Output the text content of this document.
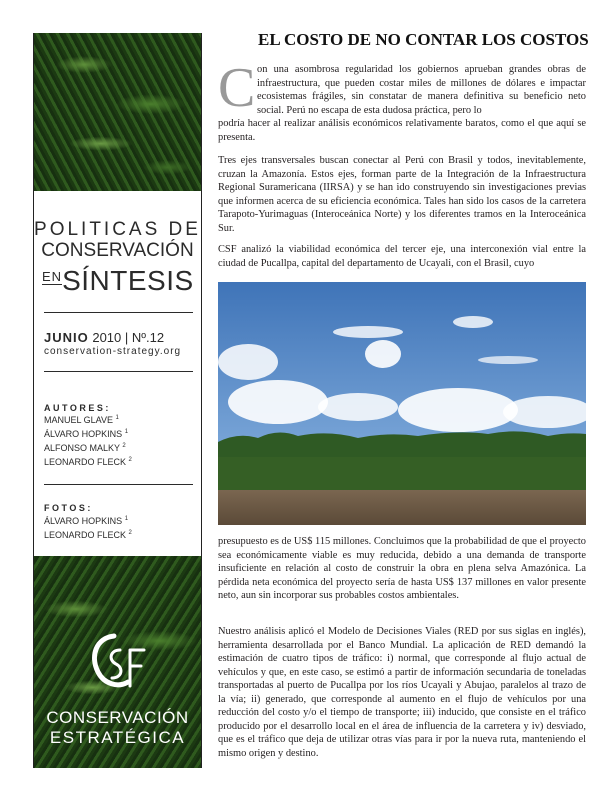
POLITICAS DE
CONSERVACIÓN
ENSÍNTESIS
JUNIO 2010 | Nº.12
conservation-strategy.org
AUTORES:
MANUEL GLAVE $^1$
ÁLVARO HOPKINS $^1$
ALFONSO MALKY $^2$
LEONARDO FLECK $^2$
FOTOS:
ÁLVARO HOPKINS $^1$
LEONARDO FLECK $^2$
CSF
CONSERVACIÓN
ESTRATÉGICA
EL COSTO DE NO CONTAR LOS COSTOS
C on una asombrosa regularidad los gobiernos aprueban grandes obras de infraestructura, que pueden costar miles de millones de dólares e impactar ecosistemas frágiles, sin constatar de manera definitiva su beneficio neto social. Perú no escapa de esta dudosa práctica, pero lo
podría hacer al realizar análisis económicos relativamente baratos, como el que aquí se presenta.
Tres ejes transversales buscan conectar al Perú con Brasil y todos, inevitablemente, cruzan la Amazonía. Estos ejes, forman parte de la Integración de la Infraestructura Regional Suramericana (IIRSA) y se han ido construyendo sin investigaciones previas que informen acerca de su eficiencia económica. Tales han sido los casos de la carretera Tarapoto-Yurimaguas (Interoceánica Norte) y los diferentes tramos en la Interoceánica Sur.
CSF analizó la viabilidad económica del tercer eje, una interconexión vial entre la ciudad de Pucallpa, capital del departamento de Ucayali, con el Brasil, cuyo
presupuesto es de US$ 115 millones. Concluimos que la probabilidad de que el proyecto sea económicamente viable es muy reducida, debido a una demanda de transporte insuficiente en relación al costo de construir la obra en plena selva Amazónica. La pérdida neta económica del proyecto sería de hasta US$ 137 millones en valor presente neto, aun sin incorporar sus probables costos ambientales.
Nuestro análisis aplicó el Modelo de Decisiones Viales (RED por sus siglas en inglés), herramienta desarrollada por el Banco Mundial. La aplicación de RED demandó la estimación de cuatro tipos de tráfico: i) normal, que corresponde al flujo actual de vehículos y que, en este caso, se estimó a partir de información secundaria de toneladas transportadas al puerto de Pucallpa por los ríos Ucayali y Abujao, paralelos al trazo de la vía; ii) generado, que corresponde al aumento en el flujo de vehículos por una reducción del costo y/o el tiempo de transporte; iii) inducido, que consiste en el tráfico producido por el desarrollo local en el área de influencia de la carretera y iv) desviado, que es el tráfico que deja de utilizar otras vías para ir por la nueva ruta, manteniendo el mismo origen y destino.
